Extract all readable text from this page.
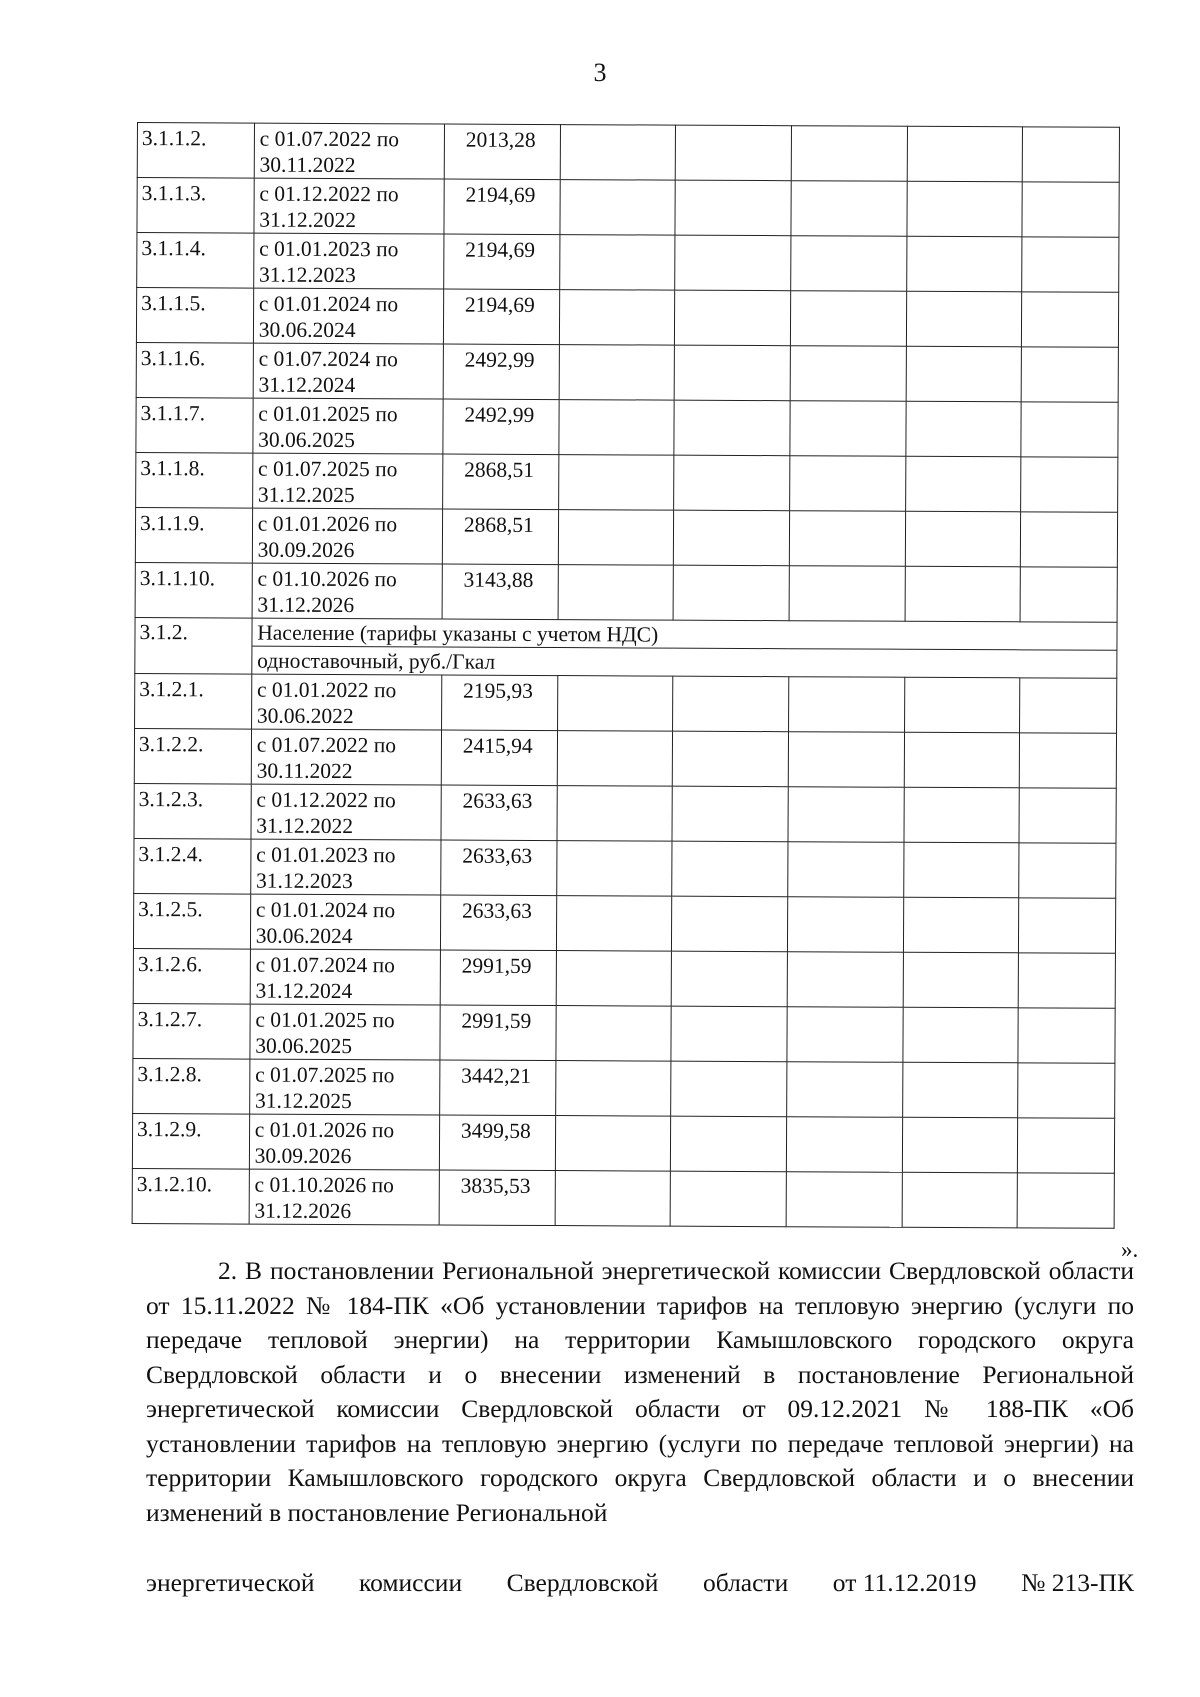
3
3.1.1.2.	с 01.07.2022 по 30.11.2022	2013,28					
3.1.1.3.	с 01.12.2022 по 31.12.2022	2194,69					
3.1.1.4.	с 01.01.2023 по 31.12.2023	2194,69					
3.1.1.5.	с 01.01.2024 по 30.06.2024	2194,69					
3.1.1.6.	с 01.07.2024 по 31.12.2024	2492,99					
3.1.1.7.	с 01.01.2025 по 30.06.2025	2492,99					
3.1.1.8.	с 01.07.2025 по 31.12.2025	2868,51					
3.1.1.9.	с 01.01.2026 по 30.09.2026	2868,51					
3.1.1.10.	с 01.10.2026 по 31.12.2026	3143,88					
3.1.2.	Население (тарифы указаны с учетом НДС)						
	одноставочный, руб./Гкал						
3.1.2.1.	с 01.01.2022 по 30.06.2022	2195,93					
3.1.2.2.	с 01.07.2022 по 30.11.2022	2415,94					
3.1.2.3.	с 01.12.2022 по 31.12.2022	2633,63					
3.1.2.4.	с 01.01.2023 по 31.12.2023	2633,63					
3.1.2.5.	с 01.01.2024 по 30.06.2024	2633,63					
3.1.2.6.	с 01.07.2024 по 31.12.2024	2991,59					
3.1.2.7.	с 01.01.2025 по 30.06.2025	2991,59					
3.1.2.8.	с 01.07.2025 по 31.12.2025	3442,21					
3.1.2.9.	с 01.01.2026 по 30.09.2026	3499,58					
3.1.2.10.	с 01.10.2026 по 31.12.2026	3835,53					
».
2. В постановлении Региональной энергетической комиссии Свердловской области от 15.11.2022 № 184-ПК «Об установлении тарифов на тепловую энергию (услуги по передаче тепловой энергии) на территории Камышловского городского округа Свердловской области и о внесении изменений в постановление Региональной энергетической комиссии Свердловской области от 09.12.2021 № 188-ПК «Об установлении тарифов на тепловую энергию (услуги по передаче тепловой энергии) на территории Камышловского городского округа Свердловской области и о внесении изменений в постановление Региональной
энергетической комиссии Свердловской области от 11.12.2019 № 213-ПК
